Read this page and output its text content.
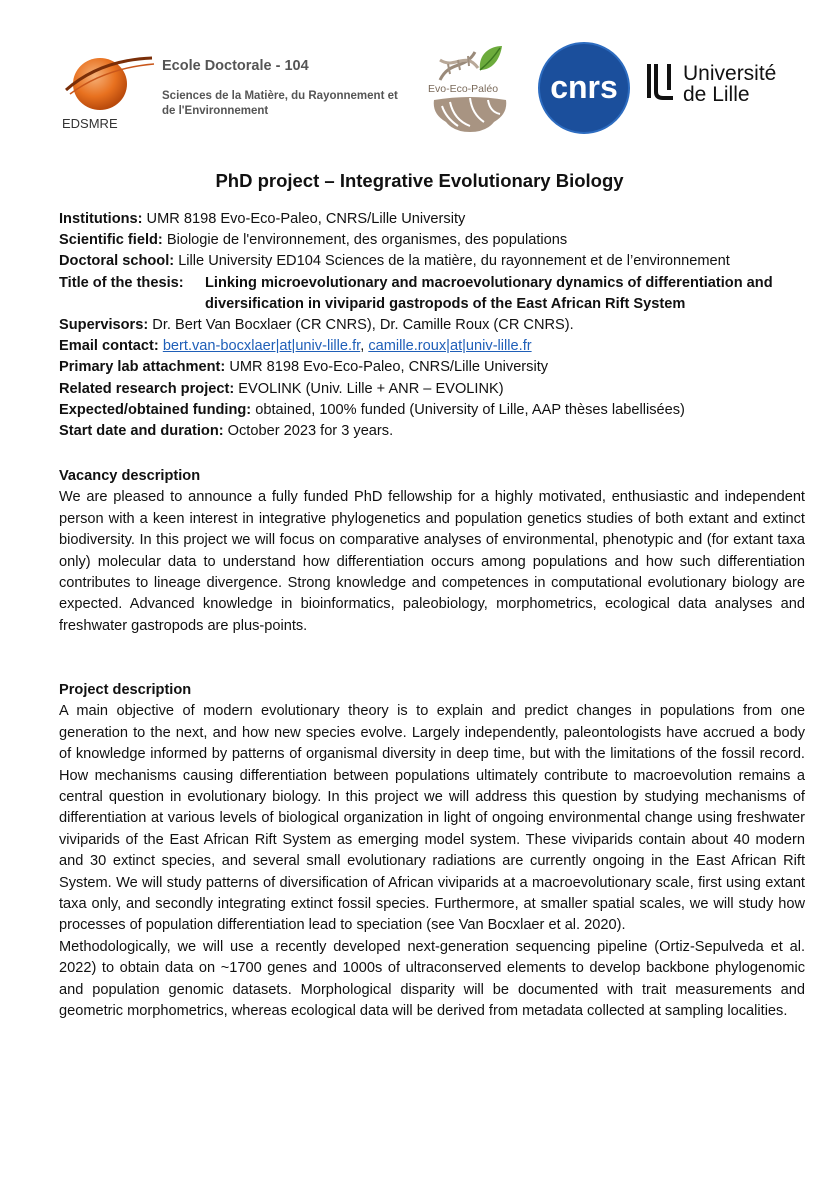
EDSMRE
Ecole Doctorale - 104
Sciences de la Matière, du Rayonnement et de l'Environnement
Evo-Eco-Paléo cnrs	Université
de Lille
PhD project – Integrative Evolutionary Biology
Institutions: UMR 8198 Evo-Eco-Paleo, CNRS/Lille University
Scientific field: Biologie de l'environnement, des organismes, des populations
Doctoral school: Lille University ED104 Sciences de la matière, du rayonnement et de l’environnement
Title of the thesis:	Linking microevolutionary and macroevolutionary dynamics of differentiation and
diversification in viviparid gastropods of the East African Rift System
Supervisors: Dr. Bert Van Bocxlaer (CR CNRS), Dr. Camille Roux (CR CNRS).
Email contact: bert.van-bocxlaer|at|univ-lille.fr, camille.roux|at|univ-lille.fr
Primary lab attachment: UMR 8198 Evo-Eco-Paleo, CNRS/Lille University
Related research project: EVOLINK (Univ. Lille + ANR – EVOLINK)
Expected/obtained funding: obtained, 100% funded (University of Lille, AAP thèses labellisées)
Start date and duration: October 2023 for 3 years.
Vacancy description

We are pleased to announce a fully funded PhD fellowship for a highly motivated, enthusiastic and independent person with a keen interest in integrative phylogenetics and population genetics studies of both extant and extinct biodiversity. In this project we will focus on comparative analyses of environmental, phenotypic and (for extant taxa only) molecular data to understand how differentiation occurs among populations and how such differentiation contributes to lineage divergence. Strong knowledge and competences in computational evolutionary biology are expected. Advanced knowledge in bioinformatics, paleobiology, morphometrics, ecological data analyses and freshwater gastropods are plus-points.

Project description

A main objective of modern evolutionary theory is to explain and predict changes in populations from one generation to the next, and how new species evolve. Largely independently, paleontologists have accrued a body of knowledge informed by patterns of organismal diversity in deep time, but with the limitations of the fossil record. How mechanisms causing differentiation between populations ultimately contribute to macroevolution remains a central question in evolutionary biology. In this project we will address this question by studying mechanisms of differentiation at various levels of biological organization in light of ongoing environmental change using freshwater viviparids of the East African Rift System as emerging model system. These viviparids contain about 40 modern and 30 extinct species, and several small evolutionary radiations are currently ongoing in the East African Rift System. We will study patterns of diversification of African viviparids at a macroevolutionary scale, first using extant taxa only, and secondly integrating extinct fossil species. Furthermore, at smaller spatial scales, we will study how processes of population differentiation lead to speciation (see Van Bocxlaer et al. 2020).

Methodologically, we will use a recently developed next-generation sequencing pipeline (Ortiz-Sepulveda et al. 2022) to obtain data on ~1700 genes and 1000s of ultraconserved elements to develop backbone phylogenomic and population genomic datasets. Morphological disparity will be documented with trait measurements and geometric morphometrics, whereas ecological data will be derived from metadata collected at sampling localities.
